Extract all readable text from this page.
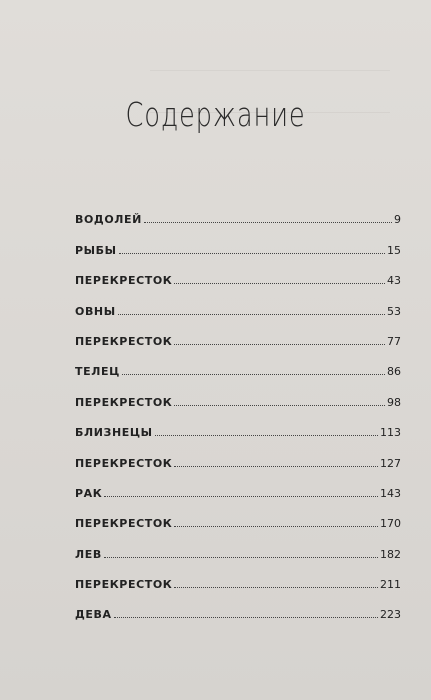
Содержание
ВОДОЛЕЙ	9
РЫБЫ	15
ПЕРЕКРЕСТОК	43
ОВНЫ	53
ПЕРЕКРЕСТОК	77
ТЕЛЕЦ	86
ПЕРЕКРЕСТОК	98
БЛИЗНЕЦЫ	113
ПЕРЕКРЕСТОК	127
РАК	143
ПЕРЕКРЕСТОК	170
ЛЕВ	182
ПЕРЕКРЕСТОК	211
ДЕВА	223
